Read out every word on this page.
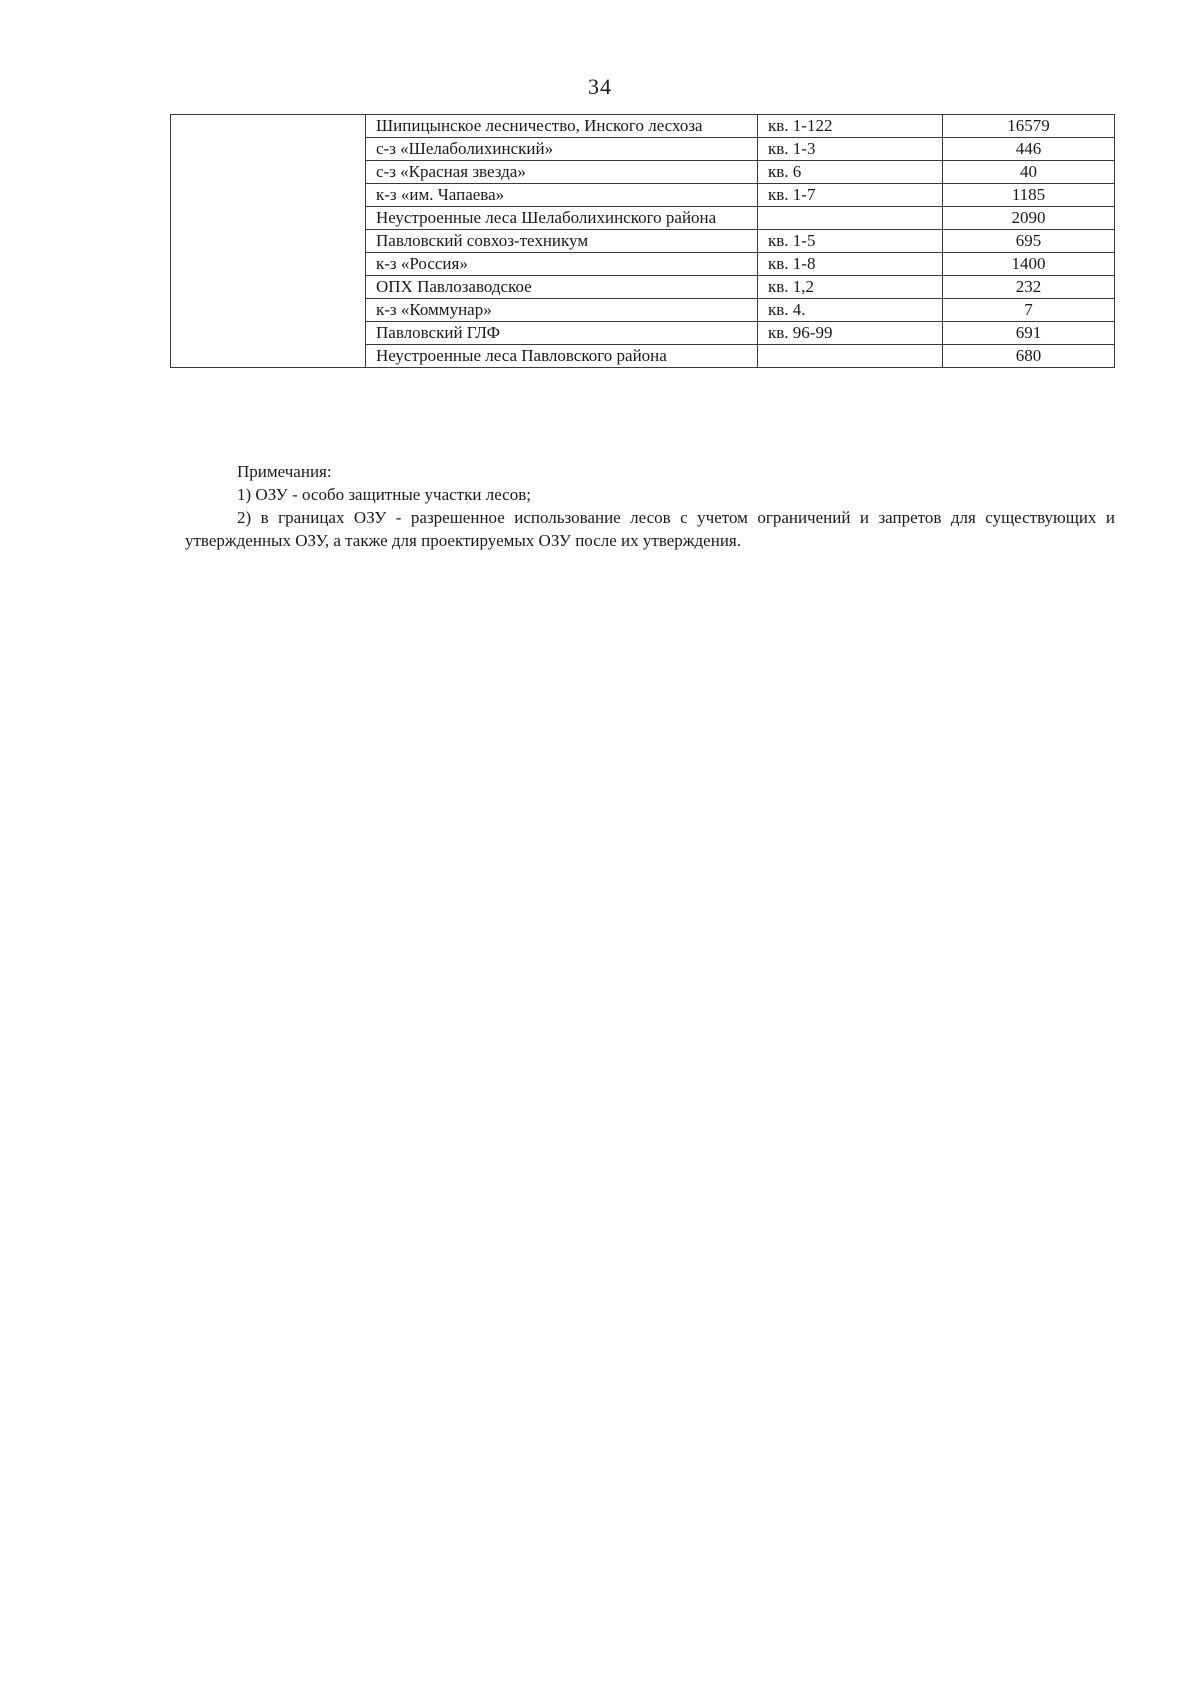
34
	Шипицынское лесничество, Инского лесхоза	кв. 1-122	16579
	с-з «Шелаболихинский»	кв. 1-3	446
	с-з «Красная звезда»	кв. 6	40
	к-з «им. Чапаева»	кв. 1-7	1185
	Неустроенные леса Шелаболихинского района		2090
	Павловский совхоз-техникум	кв. 1-5	695
	к-з «Россия»	кв. 1-8	1400
	ОПХ Павлозаводское	кв. 1,2	232
	к-з «Коммунар»	кв. 4.	7
	Павловский ГЛФ	кв. 96-99	691
	Неустроенные леса Павловского района		680

Примечания:

1) ОЗУ - особо защитные участки лесов;

2) в границах ОЗУ - разрешенное использование лесов с учетом ограничений и запретов для существующих и утвержденных ОЗУ, а также для проектируемых ОЗУ после их утверждения.
